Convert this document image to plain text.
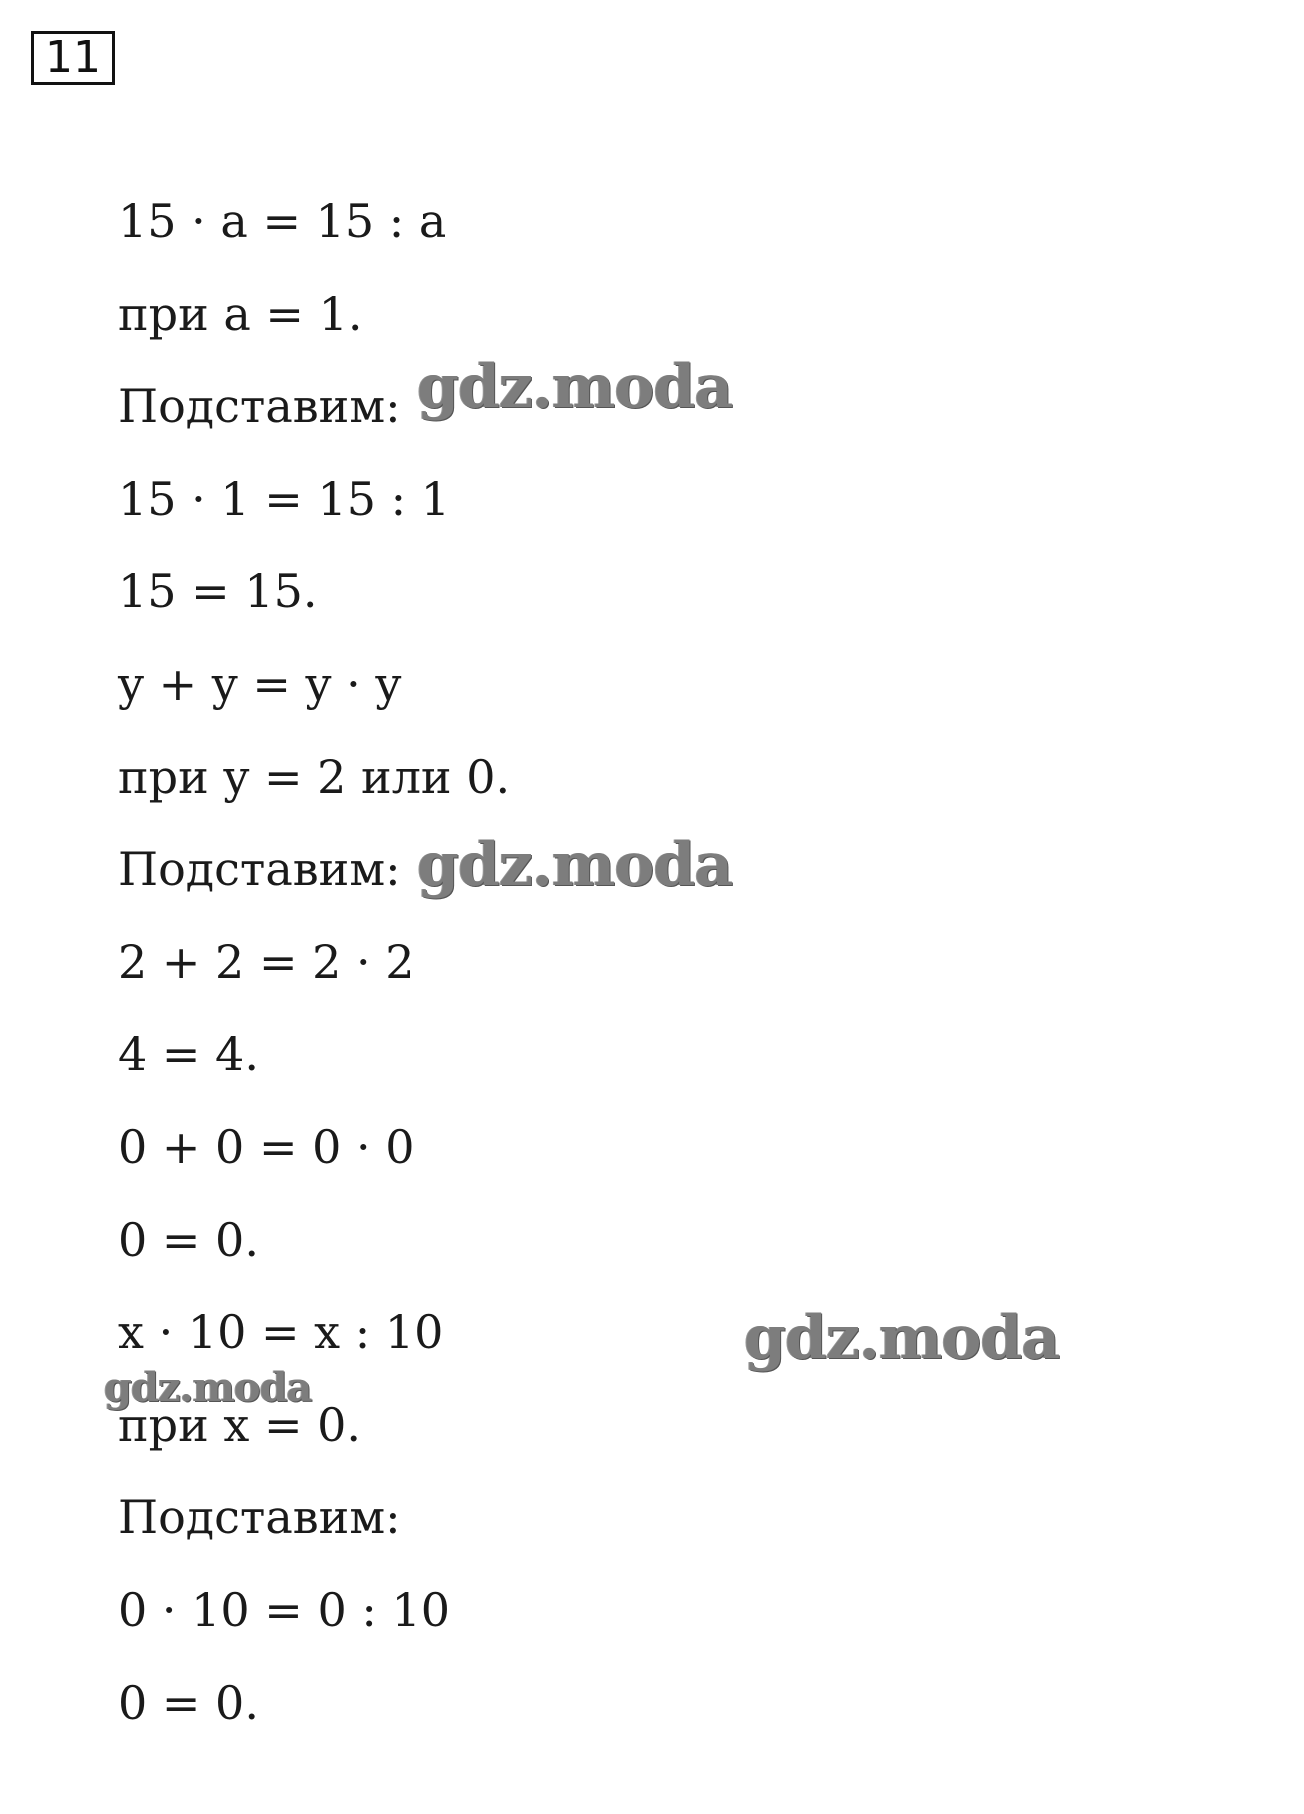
11
15 · a = 15 : a
при a = 1.
Подставим:
15 · 1 = 15 : 1
15 = 15.
y + y = y · y
при y = 2 или 0.
Подставим:
2 + 2 = 2 · 2
4 = 4.
0 + 0 = 0 · 0
0 = 0.
x · 10 = x : 10
при x = 0.
Подставим:
0 · 10 = 0 : 10
0 = 0.
gdz.moda
gdz.moda
gdz.moda
gdz.moda
